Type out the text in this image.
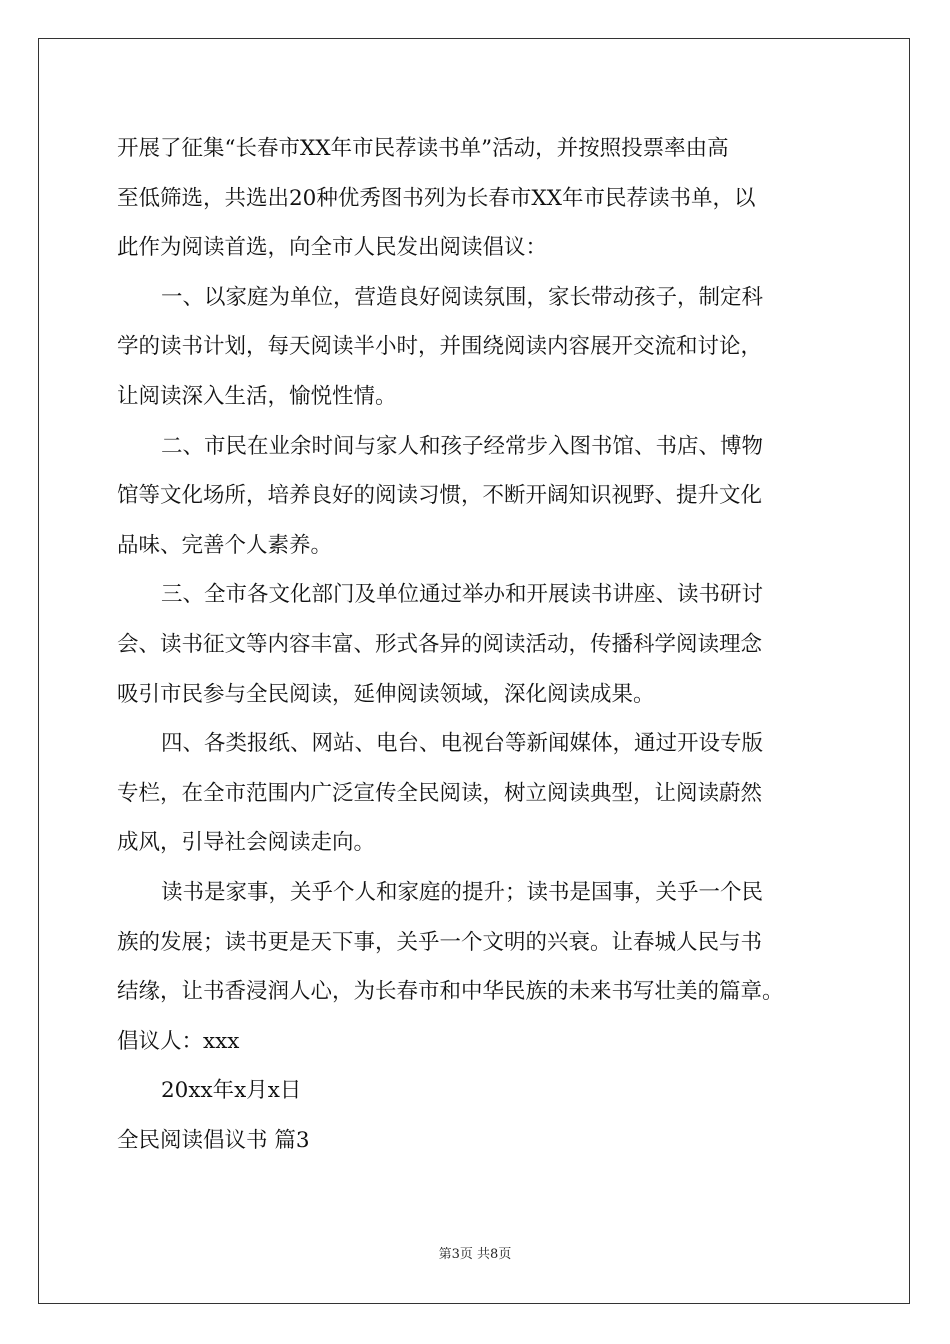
开展了征集“长春市XX年市民荐读书单”活动，并按照投票率由高
至低筛选，共选出20种优秀图书列为长春市XX年市民荐读书单，以
此作为阅读首选，向全市人民发出阅读倡议：
一、以家庭为单位，营造良好阅读氛围，家长带动孩子，制定科
学的读书计划，每天阅读半小时，并围绕阅读内容展开交流和讨论，
让阅读深入生活，愉悦性情。
二、市民在业余时间与家人和孩子经常步入图书馆、书店、博物
馆等文化场所，培养良好的阅读习惯，不断开阔知识视野、提升文化
品味、完善个人素养。
三、全市各文化部门及单位通过举办和开展读书讲座、读书研讨
会、读书征文等内容丰富、形式各异的阅读活动，传播科学阅读理念
吸引市民参与全民阅读，延伸阅读领域，深化阅读成果。
四、各类报纸、网站、电台、电视台等新闻媒体，通过开设专版
专栏，在全市范围内广泛宣传全民阅读，树立阅读典型，让阅读蔚然
成风，引导社会阅读走向。
读书是家事，关乎个人和家庭的提升；读书是国事，关乎一个民
族的发展；读书更是天下事，关乎一个文明的兴衰。让春城人民与书
结缘，让书香浸润人心，为长春市和中华民族的未来书写壮美的篇章。
倡议人：xxx
20xx年x月x日
全民阅读倡议书 篇3
第3页 共8页
